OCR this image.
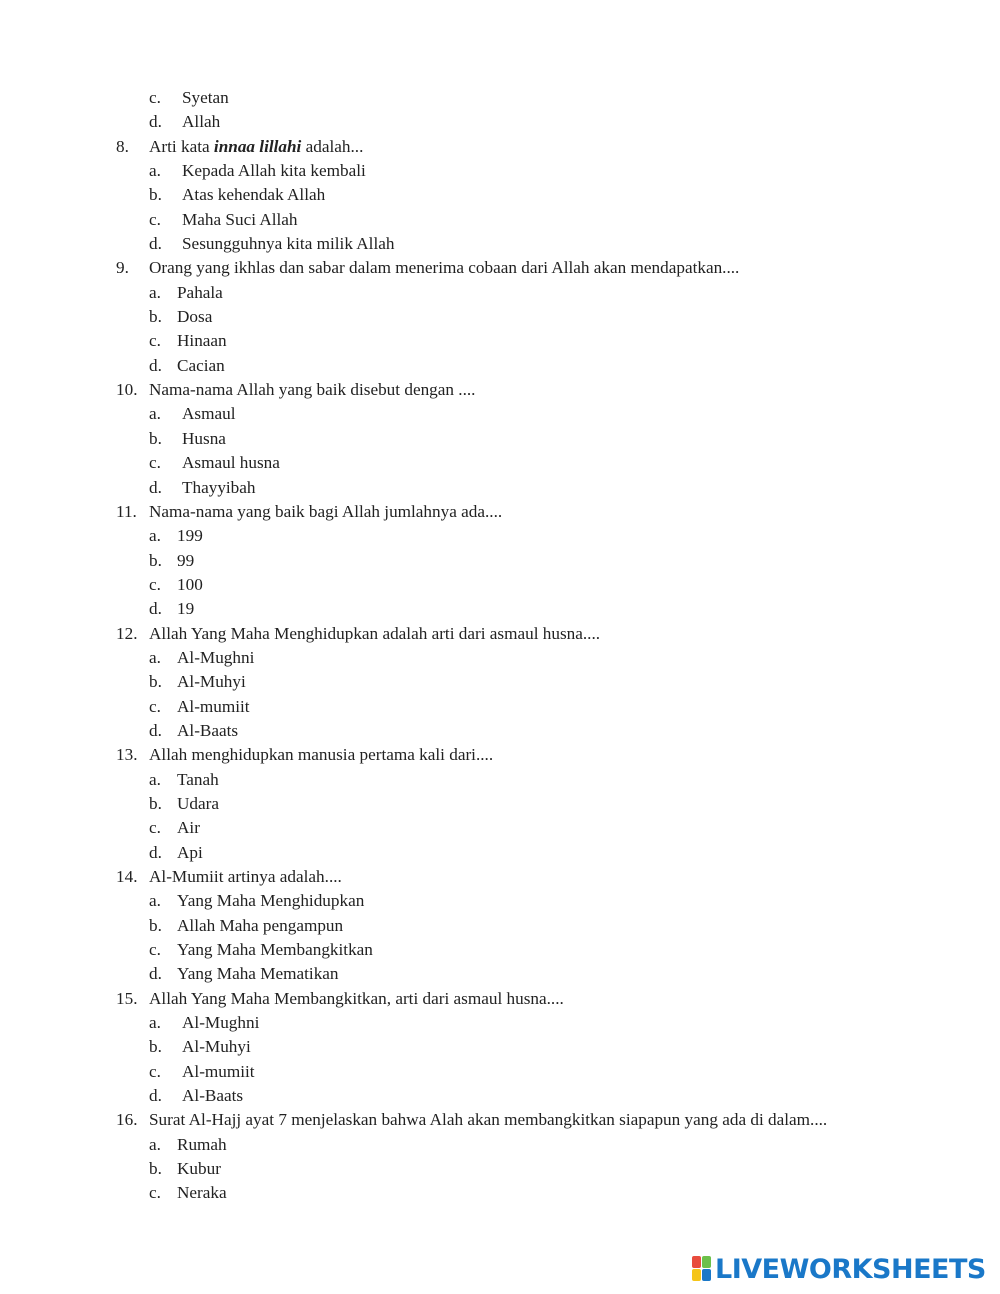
c. Syetan
d. Allah
8. Arti kata innaa lillahi adalah...
a. Kepada Allah kita kembali
b. Atas kehendak Allah
c. Maha Suci Allah
d. Sesungguhnya kita milik Allah
9. Orang yang ikhlas dan sabar dalam menerima cobaan dari Allah akan mendapatkan....
a. Pahala
b. Dosa
c. Hinaan
d. Cacian
10. Nama-nama Allah yang baik disebut dengan ....
a. Asmaul
b. Husna
c. Asmaul husna
d. Thayyibah
11. Nama-nama yang baik bagi Allah jumlahnya ada....
a. 199
b. 99
c. 100
d. 19
12. Allah Yang Maha Menghidupkan adalah arti dari asmaul husna....
a. Al-Mughni
b. Al-Muhyi
c. Al-mumiit
d. Al-Baats
13. Allah menghidupkan manusia pertama kali dari....
a. Tanah
b. Udara
c. Air
d. Api
14. Al-Mumiit artinya adalah....
a. Yang Maha Menghidupkan
b. Allah Maha pengampun
c. Yang Maha Membangkitkan
d. Yang Maha Mematikan
15. Allah Yang Maha Membangkitkan, arti dari asmaul husna....
a. Al-Mughni
b. Al-Muhyi
c. Al-mumiit
d. Al-Baats
16. Surat Al-Hajj ayat 7 menjelaskan bahwa Alah akan membangkitkan siapapun yang ada di dalam....
a. Rumah
b. Kubur
c. Neraka
LIVEWORKSHEETS
